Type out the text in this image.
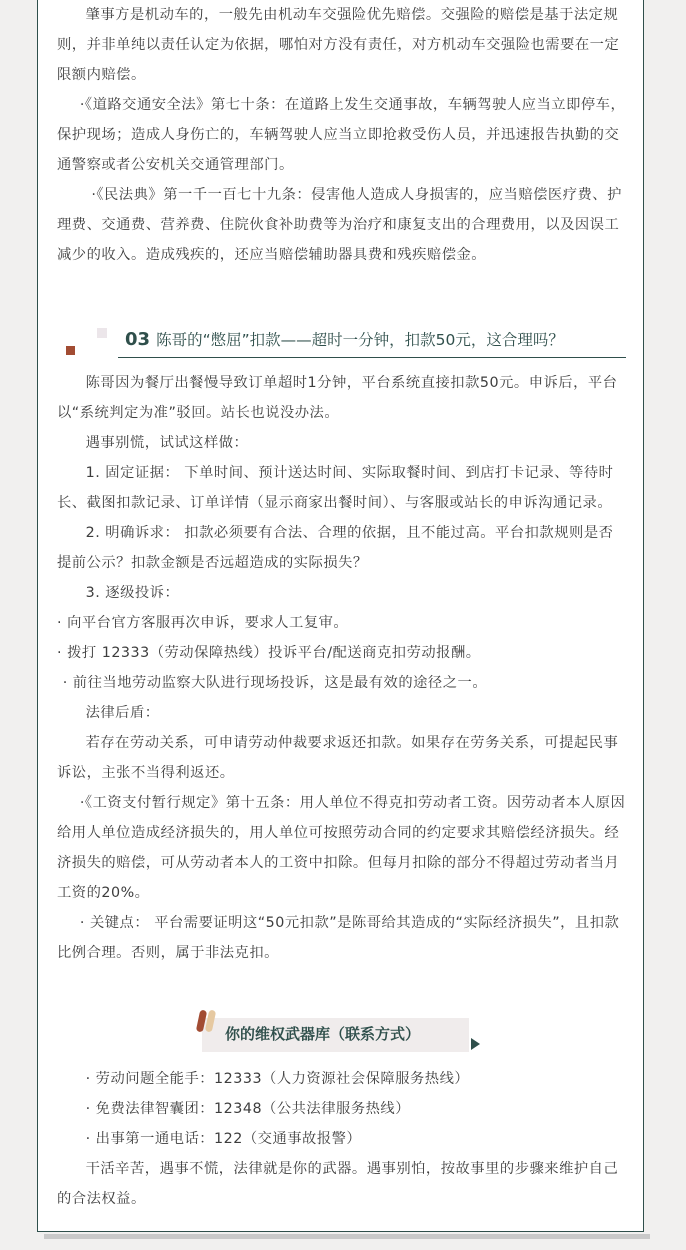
肇事方是机动车的，一般先由机动车交强险优先赔偿。交强险的赔偿是基于法定规则，并非单纯以责任认定为依据，哪怕对方没有责任，对方机动车交强险也需要在一定限额内赔偿。

·《道路交通安全法》第七十条：在道路上发生交通事故，车辆驾驶人应当立即停车，保护现场；造成人身伤亡的，车辆驾驶人应当立即抢救受伤人员，并迅速报告执勤的交通警察或者公安机关交通管理部门。

·《民法典》第一千一百七十九条：侵害他人造成人身损害的，应当赔偿医疗费、护理费、交通费、营养费、住院伙食补助费等为治疗和康复支出的合理费用，以及因误工减少的收入。造成残疾的，还应当赔偿辅助器具费和残疾赔偿金。

03 陈哥的“憋屈”扣款——超时一分钟，扣款50元，这合理吗？

陈哥因为餐厅出餐慢导致订单超时1分钟，平台系统直接扣款50元。申诉后，平台以“系统判定为准”驳回。站长也说没办法。

遇事别慌，试试这样做：

1. 固定证据： 下单时间、预计送达时间、实际取餐时间、到店打卡记录、等待时长、截图扣款记录、订单详情（显示商家出餐时间）、与客服或站长的申诉沟通记录。

2. 明确诉求： 扣款必须要有合法、合理的依据，且不能过高。平台扣款规则是否提前公示？扣款金额是否远超造成的实际损失？

3. 逐级投诉：

· 向平台官方客服再次申诉，要求人工复审。

· 拨打 12333（劳动保障热线）投诉平台/配送商克扣劳动报酬。

· 前往当地劳动监察大队进行现场投诉，这是最有效的途径之一。

法律后盾：

若存在劳动关系，可申请劳动仲裁要求返还扣款。如果存在劳务关系，可提起民事诉讼，主张不当得利返还。

·《工资支付暂行规定》第十五条：用人单位不得克扣劳动者工资。因劳动者本人原因给用人单位造成经济损失的，用人单位可按照劳动合同的约定要求其赔偿经济损失。经济损失的赔偿，可从劳动者本人的工资中扣除。但每月扣除的部分不得超过劳动者当月工资的20%。

· 关键点： 平台需要证明这“50元扣款”是陈哥给其造成的“实际经济损失”，且扣款比例合理。否则，属于非法克扣。

你的维权武器库（联系方式）

· 劳动问题全能手：12333（人力资源社会保障服务热线）

· 免费法律智囊团：12348（公共法律服务热线）

· 出事第一通电话：122（交通事故报警）

干活辛苦，遇事不慌，法律就是你的武器。遇事别怕，按故事里的步骤来维护自己的合法权益。
